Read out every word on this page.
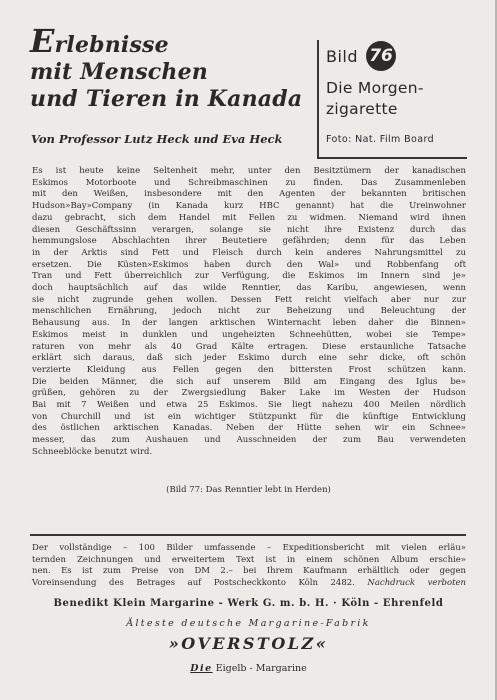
Erlebnisse
mit Menschen
und Tieren in Kanada
Von Professor Lutz Heck und Eva Heck
Bild 76
Die Morgen-
zigarette
Foto: Nat. Film Board
Es ist heute keine Seltenheit mehr, unter den Besitztümern der kanadischen
Eskimos Motorboote und Schreibmaschinen zu finden. Das Zusammenleben
mit den Weißen, insbesondere mit den Agenten der bekannten britischen
Hudson»Bay»Company (in Kanada kurz HBC genannt) hat die Ureinwohner
dazu gebracht, sich dem Handel mit Fellen zu widmen. Niemand wird ihnen
diesen Geschäftssinn verargen, solange sie nicht ihre Existenz durch das
hemmungslose Abschlachten ihrer Beutetiere gefährden; denn für das Leben
in der Arktis sind Fett und Fleisch durch kein anderes Nahrungsmittel zu
ersetzen. Die Küsten»Eskimos haben durch den Wal» und Robbenfang oft
Tran und Fett überreichlich zur Verfügung, die Eskimos im Innern sind je»
doch hauptsächlich auf das wilde Renntier, das Karibu, angewiesen, wenn
sie nicht zugrunde gehen wollen. Dessen Fett reicht vielfach aber nur zur
menschlichen Ernährung, jedoch nicht zur Beheizung und Beleuchtung der
Behausung aus. In der langen arktischen Winternacht leben daher die Binnen»
Eskimos meist in dunklen und ungeheizten Schneehütten, wobei sie Tempe»
raturen von mehr als 40 Grad Kälte ertragen. Diese erstaunliche Tatsache
erklärt sich daraus, daß sich jeder Eskimo durch eine sehr dicke, oft schön
verzierte Kleidung aus Fellen gegen den bittersten Frost schützen kann.
Die beiden Männer, die sich auf unserem Bild am Eingang des Iglus be»
grüßen, gehören zu der Zwergsiedlung Baker Lake im Westen der Hudson
Bai mit 7 Weißen und etwa 25 Eskimos. Sie liegt nahezu 400 Meilen nördlich
von Churchill und ist ein wichtiger Stützpunkt für die künftige Entwicklung
des östlichen arktischen Kanadas. Neben der Hütte sehen wir ein Schnee»
messer, das zum Aushauen und Ausschneiden der zum Bau verwendeten
Schneeblöcke benutzt wird.
(Bild 77: Das Renntier lebt in Herden)
Der vollständige – 100 Bilder umfassende – Expeditionsbericht mit vielen erläu»
ternden Zeichnungen und erweitertem Text ist in einem schönen Album erschie»
nen. Es ist zum Preise von DM 2.– bei Ihrem Kaufmann erhältlich oder gegen
Voreinsendung des Betrages auf Postscheckkonto Köln 2482. Nachdruck verboten
Benedikt Klein Margarine - Werk G. m. b. H. · Köln - Ehrenfeld
Älteste deutsche Margarine-Fabrik
»OVERSTOLZ«
Die Eigelb - Margarine
